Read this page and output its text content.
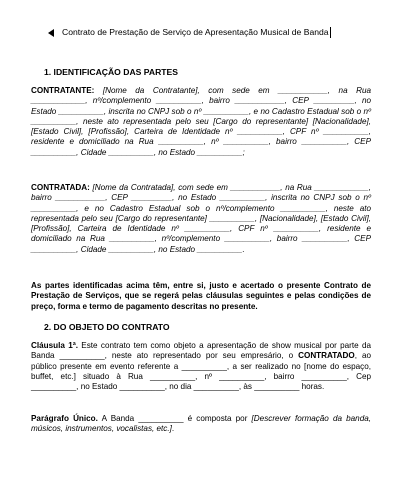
Contrato de Prestação de Serviço de Apresentação Musical de Banda
1. IDENTIFICAÇÃO DAS PARTES
CONTRATANTE: [Nome da Contratante], com sede em ___________, na Rua ____________, nº/complemento __________, bairro ___________, CEP _________, no Estado __________, inscrita no CNPJ sob o nº __________, e no Cadastro Estadual sob o nº __________, neste ato representada pelo seu [Cargo do representante] [Nacionalidade], [Estado Civil], [Profissão], Carteira de Identidade nº __________, CPF nº __________, residente e domiciliado na Rua __________, nº __________, bairro __________, CEP __________, Cidade __________, no Estado __________;
CONTRATADA: [Nome da Contratada], com sede em ___________, na Rua ____________, bairro ___________, CEP _________, no Estado __________, inscrita no CNPJ sob o nº __________, e no Cadastro Estadual sob o nº/complemento __________, neste ato representada pelo seu [Cargo do representante] __________, [Nacionalidade], [Estado Civil], [Profissão], Carteira de Identidade nº __________, CPF nº __________, residente e domiciliado na Rua __________, nº/complemento __________, bairro __________, CEP __________, Cidade __________, no Estado __________.
As partes identificadas acima têm, entre si, justo e acertado o presente Contrato de Prestação de Serviços, que se regerá pelas cláusulas seguintes e pelas condições de preço, forma e termo de pagamento descritas no presente.
2. DO OBJETO DO CONTRATO
Cláusula 1ª. Este contrato tem como objeto a apresentação de show musical por parte da Banda __________, neste ato representado por seu empresário, o CONTRATADO, ao público presente em evento referente a __________, a ser realizado no [nome do espaço, buffet, etc.] situado à Rua __________, nº __________, bairro __________, Cep __________, no Estado __________, no dia __________, às __________ horas.
Parágrafo Único. A Banda __________ é composta por [Descrever formação da banda, músicos, instrumentos, vocalistas, etc.].
